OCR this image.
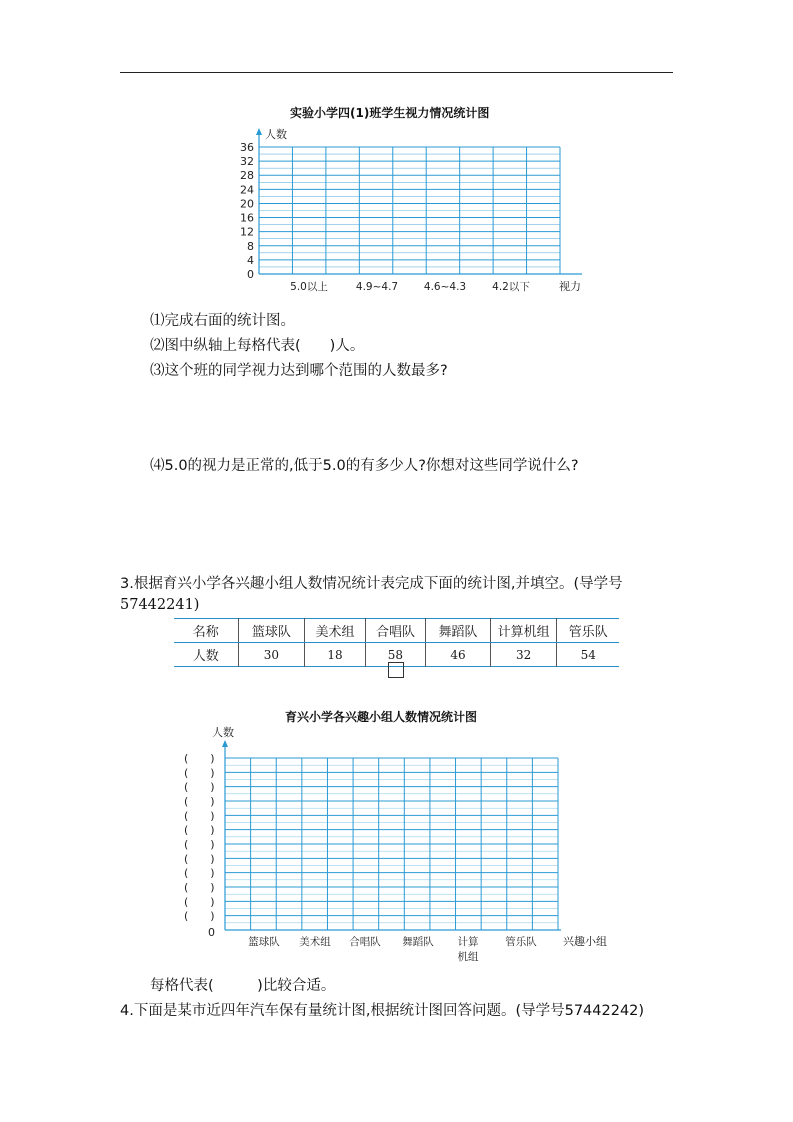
实验小学四(1)班学生视力情况统计图
人数
36
32
28
24
20
16
12
8
4
0
5.0以上	4.9~4.7 4.6~4.3 4.2以下	视力
⑴完成右面的统计图。
⑵图中纵轴上每格代表(　　)人。
⑶这个班的同学视力达到哪个范围的人数最多?
⑷5.0的视力是正常的,低于5.0的有多少人?你想对这些同学说什么?
3.根据育兴小学各兴趣小组人数情况统计表完成下面的统计图,并填空。(导学号
57442241)
名称	篮球队	美术组	合唱队	舞蹈队	计算机组	管乐队
人数	30	18	58	46	32	54
育兴小学各兴趣小组人数情况统计图
人数
(　　)
(　　)
(　　)
(　　)
(　　)
(　　)
(　　)
(　　)
(　　)
(　　)
(　　)
(　　)
0
篮球队 美术组 合唱队 舞蹈队 计算
机组
管乐队 兴趣小组
每格代表(　　　)比较合适。
4.下面是某市近四年汽车保有量统计图,根据统计图回答问题。(导学号57442242)
